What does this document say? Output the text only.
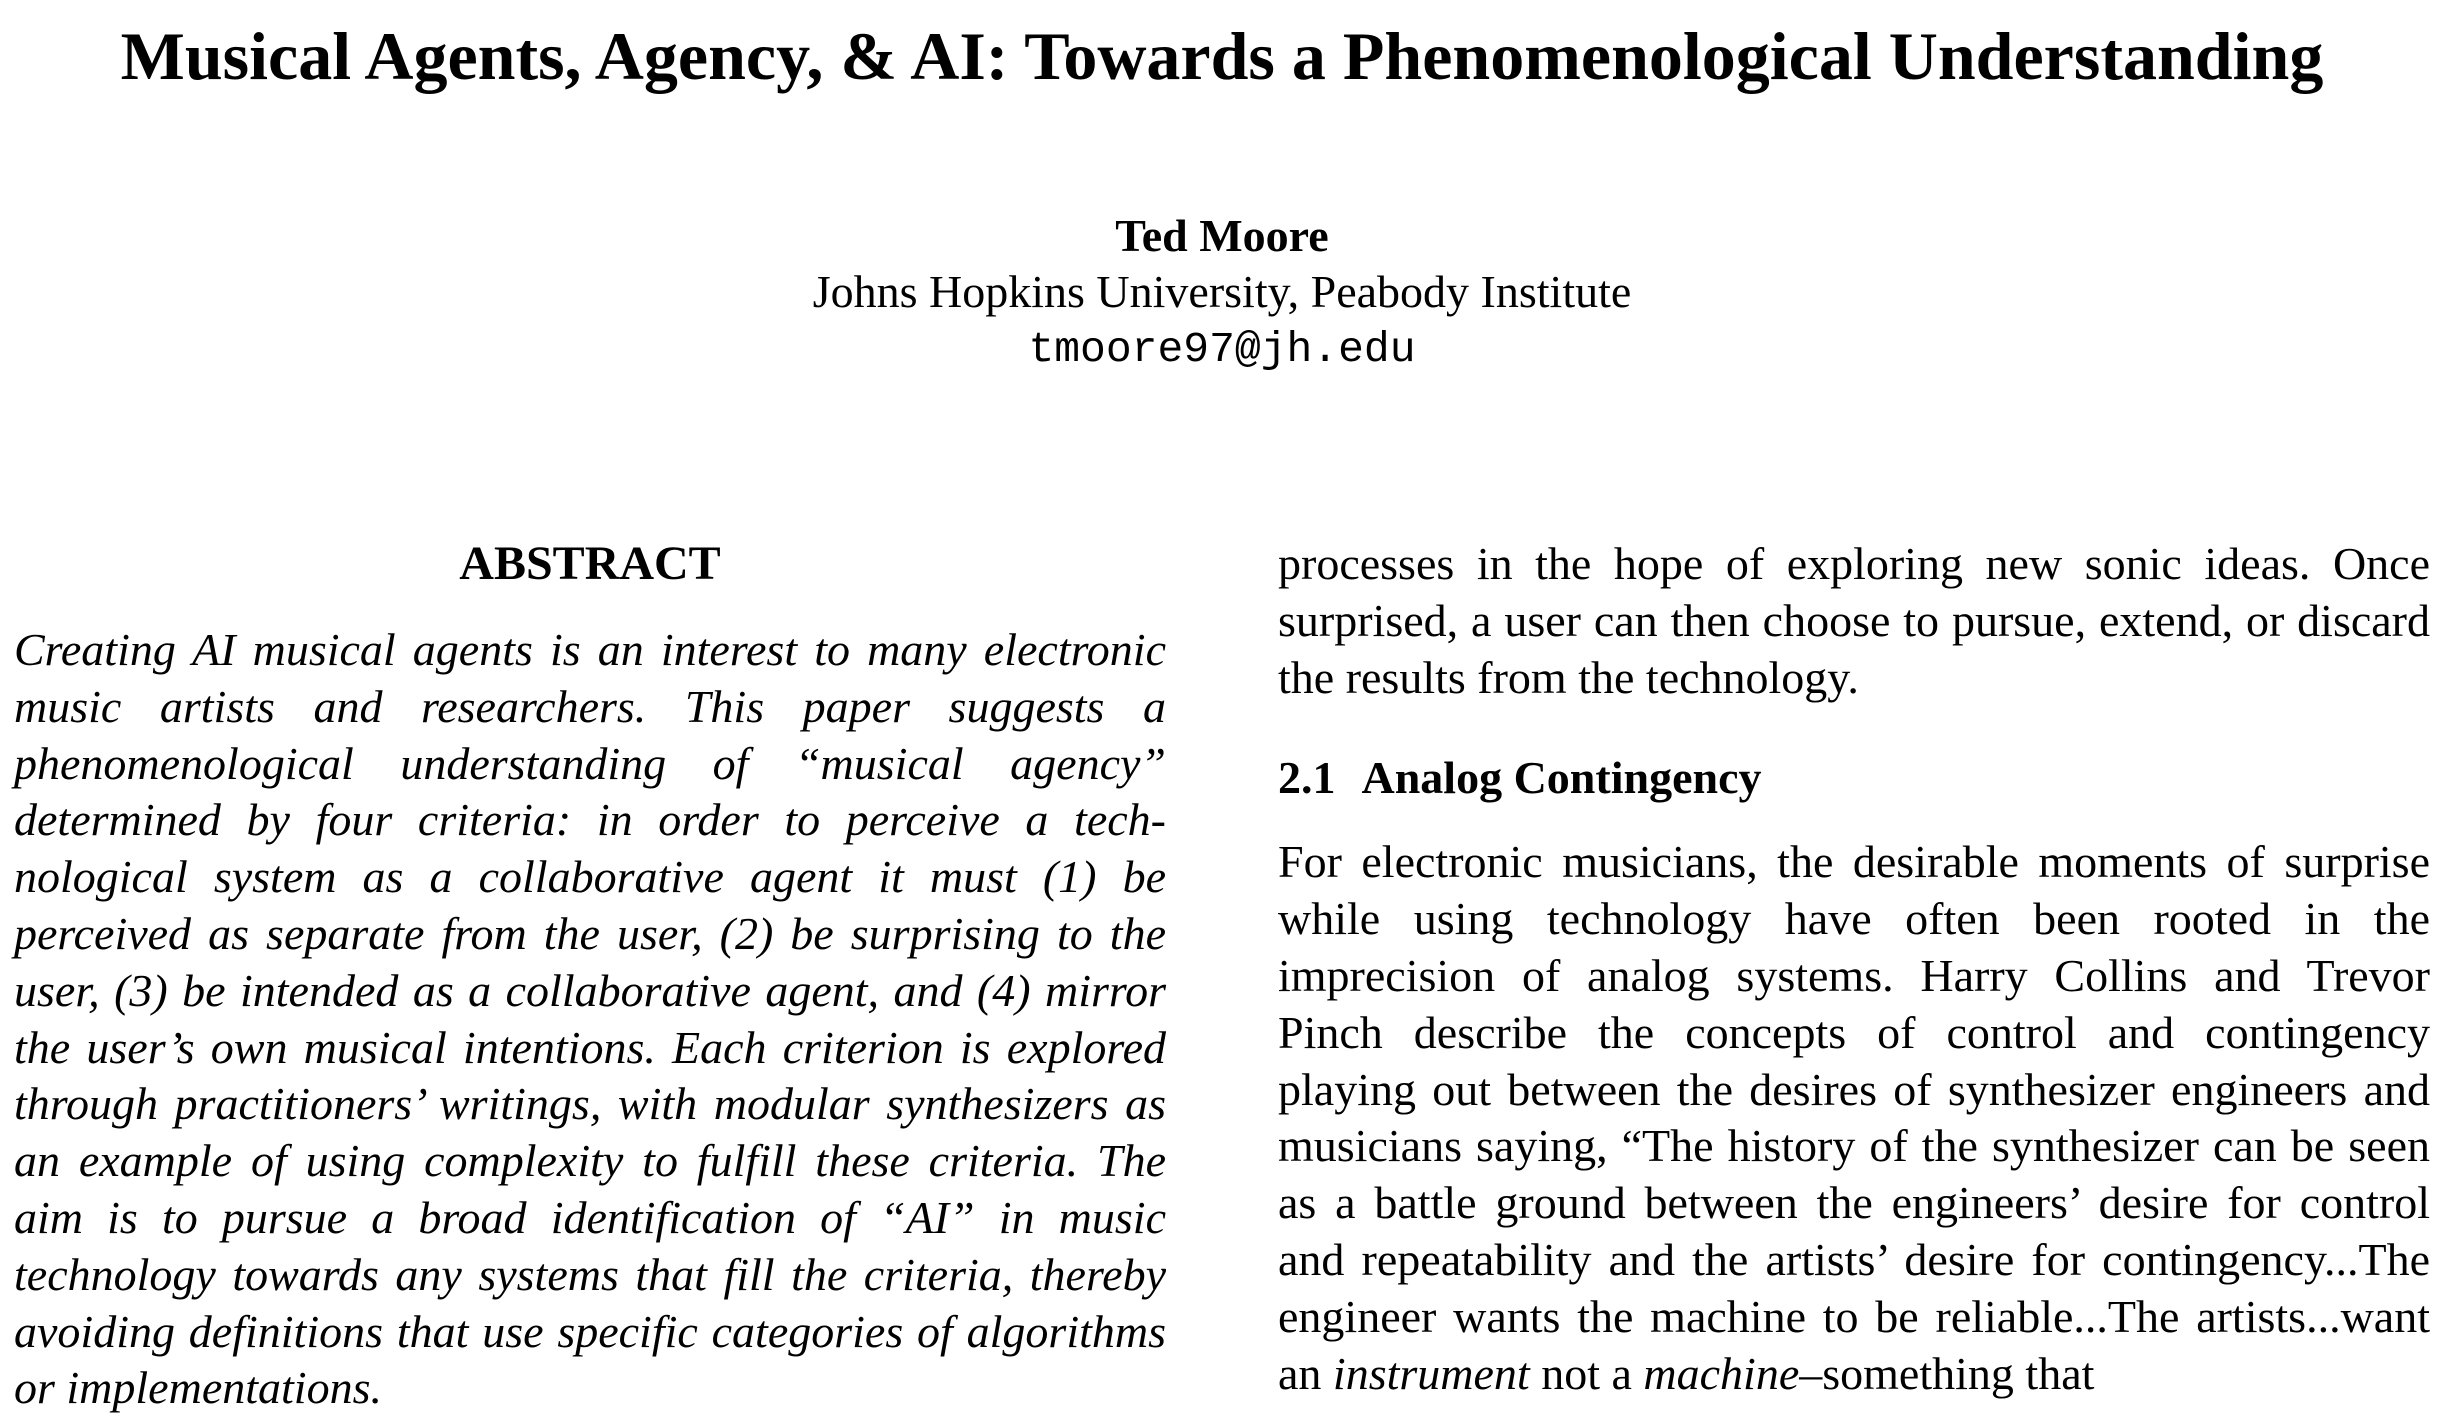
Musical Agents, Agency, & AI: Towards a Phenomenological Understanding
Ted Moore
Johns Hopkins University, Peabody Institute
tmoore97@jh.edu
ABSTRACT

Creating AI musical agents is an interest to many electronic music artists and researchers. This paper suggests a phenomenological understanding of “musical agency” determined by four criteria: in order to perceive a technological system as a collaborative agent it must (1) be perceived as separate from the user, (2) be surprising to the user, (3) be intended as a collaborative agent, and (4) mirror the user’s own musical intentions. Each criterion is explored through practitioners’ writings, with modular synthesizers as an example of using complexity to fulfill these criteria. The aim is to pursue a broad identification of “AI” in music technology towards any systems that fill the criteria, thereby avoiding definitions that use specific categories of algorithms or implementations.

processes in the hope of exploring new sonic ideas. Once surprised, a user can then choose to pursue, extend, or discard the results from the technology.

2.1 Analog Contingency

For electronic musicians, the desirable moments of surprise while using technology have often been rooted in the imprecision of analog systems. Harry Collins and Trevor Pinch describe the concepts of control and contingency playing out between the desires of synthesizer engineers and musicians saying, “The history of the synthesizer can be seen as a battle ground between the engineers’ desire for control and repeatability and the artists’ desire for contingency...The engineer wants the machine to be reliable...The artists...want an instrument not a machine–something that
